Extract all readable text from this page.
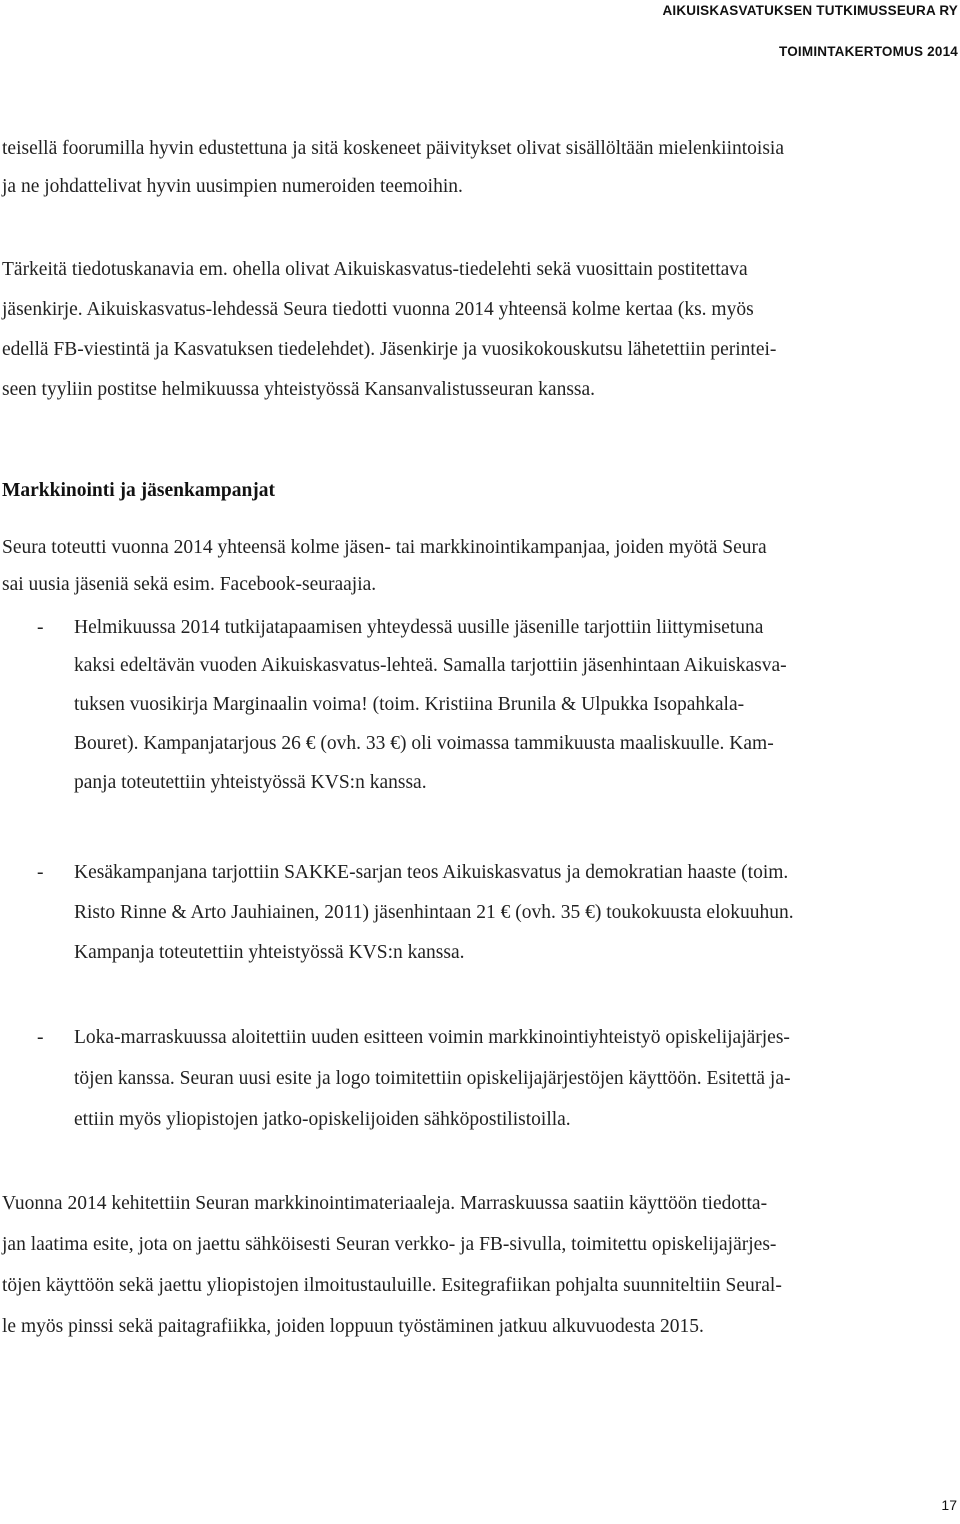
AIKUISKASVATUKSEN TUTKIMUSSEURA RY
TOIMINTAKERTOMUS 2014
teisellä foorumilla hyvin edustettuna ja sitä koskeneet päivitykset olivat sisällöltään mielenkiintoisia
ja ne johdattelivat hyvin uusimpien numeroiden teemoihin.
Tärkeitä tiedotuskanavia em. ohella olivat Aikuiskasvatus-tiedelehti sekä vuosittain postitettava
jäsenkirje. Aikuiskasvatus-lehdessä Seura tiedotti vuonna 2014 yhteensä kolme kertaa (ks. myös
edellä FB-viestintä ja Kasvatuksen tiedelehdet). Jäsenkirje ja vuosikokouskutsu lähetettiin perintei-
seen tyyliin postitse helmikuussa yhteistyössä Kansanvalistusseuran kanssa.
Markkinointi ja jäsenkampanjat
Seura toteutti vuonna 2014 yhteensä kolme jäsen- tai markkinointikampanjaa, joiden myötä Seura
sai uusia jäseniä sekä esim. Facebook-seuraajia.
- Helmikuussa 2014 tutkijatapaamisen yhteydessä uusille jäsenille tarjottiin liittymisetuna
kaksi edeltävän vuoden Aikuiskasvatus-lehteä. Samalla tarjottiin jäsenhintaan Aikuiskasva-
tuksen vuosikirja Marginaalin voima! (toim. Kristiina Brunila & Ulpukka Isopahkala-
Bouret). Kampanjatarjous 26 € (ovh. 33 €) oli voimassa tammikuusta maaliskuulle. Kam-
panja toteutettiin yhteistyössä KVS:n kanssa.
- Kesäkampanjana tarjottiin SAKKE-sarjan teos Aikuiskasvatus ja demokratian haaste (toim.
Risto Rinne & Arto Jauhiainen, 2011) jäsenhintaan 21 € (ovh. 35 €) toukokuusta elokuuhun.
Kampanja toteutettiin yhteistyössä KVS:n kanssa.
- Loka-marraskuussa aloitettiin uuden esitteen voimin markkinointiyhteistyö opiskelijajärjes-
töjen kanssa. Seuran uusi esite ja logo toimitettiin opiskelijajärjestöjen käyttöön. Esitettä ja-
ettiin myös yliopistojen jatko-opiskelijoiden sähköpostilistoilla.
Vuonna 2014 kehitettiin Seuran markkinointimateriaaleja. Marraskuussa saatiin käyttöön tiedotta-
jan laatima esite, jota on jaettu sähköisesti Seuran verkko- ja FB-sivulla, toimitettu opiskelijajärjes-
töjen käyttöön sekä jaettu yliopistojen ilmoitustauluille. Esitegrafiikan pohjalta suunniteltiin Seural-
le myös pinssi sekä paitagrafiikka, joiden loppuun työstäminen jatkuu alkuvuodesta 2015.
17
